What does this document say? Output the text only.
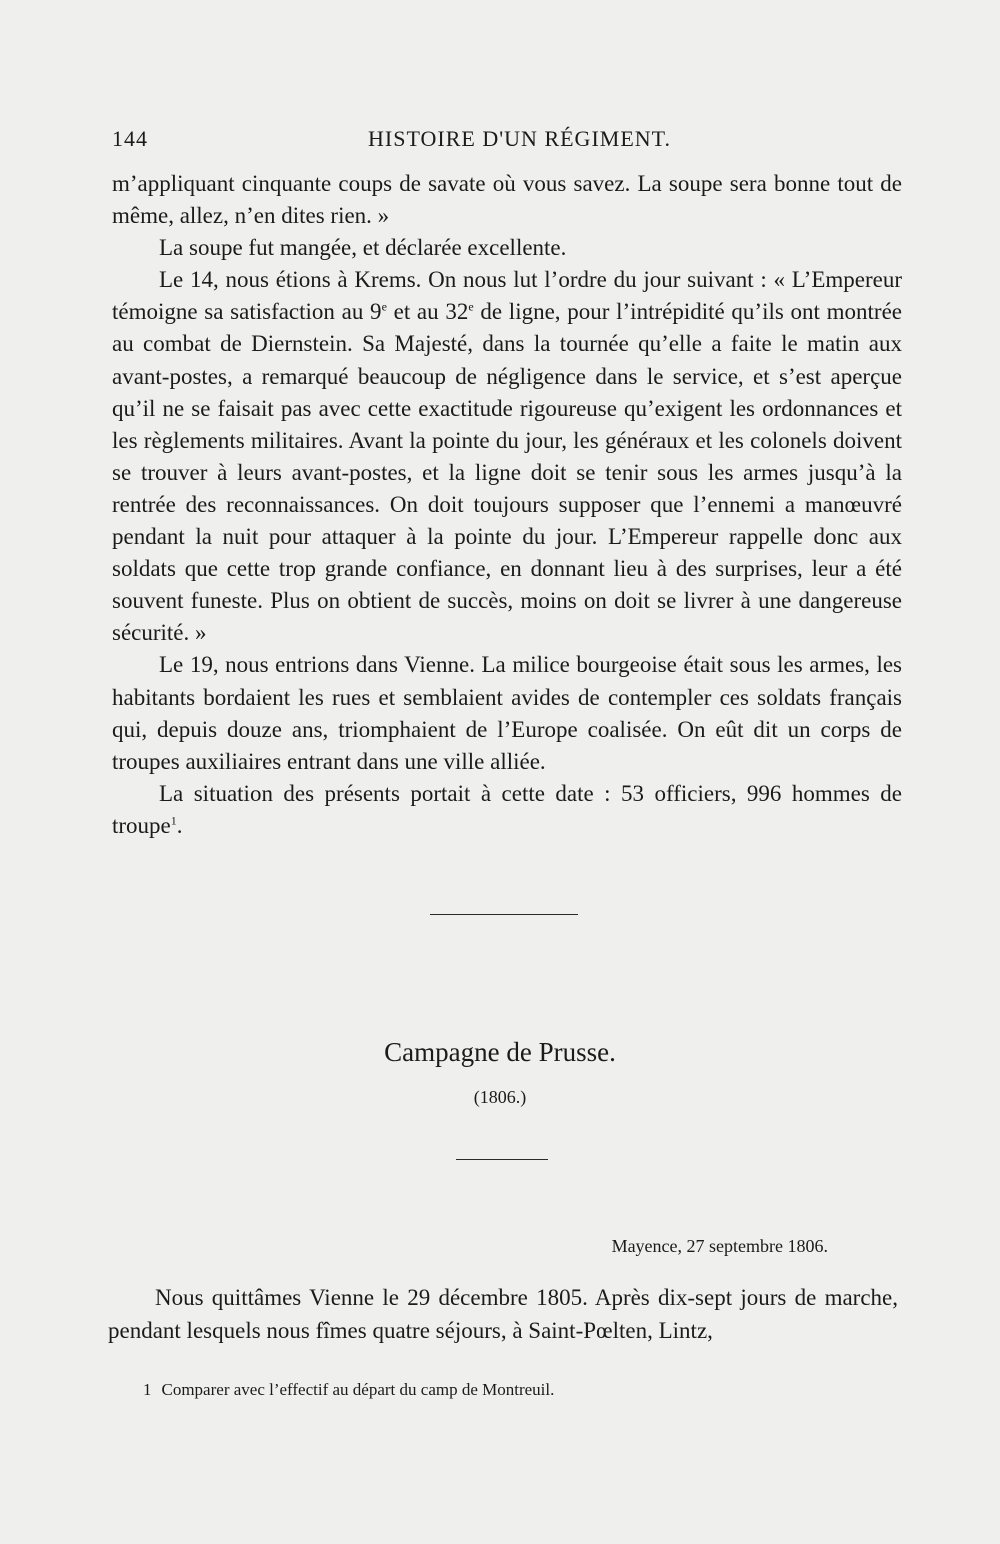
144	HISTOIRE D'UN RÉGIMENT.

m’appliquant cinquante coups de savate où vous savez. La soupe sera bonne tout de même, allez, n’en dites rien. »

La soupe fut mangée, et déclarée excellente.

Le 14, nous étions à Krems. On nous lut l’ordre du jour suivant : « L’Empereur témoigne sa satisfaction au 9e et au 32e de ligne, pour l’intrépidité qu’ils ont montrée au combat de Diernstein. Sa Majesté, dans la tournée qu’elle a faite le matin aux avant-postes, a remarqué beaucoup de négligence dans le service, et s’est aperçue qu’il ne se faisait pas avec cette exactitude rigoureuse qu’exigent les ordonnances et les règlements militaires. Avant la pointe du jour, les généraux et les colonels doivent se trouver à leurs avant-postes, et la ligne doit se tenir sous les armes jusqu’à la rentrée des reconnaissances. On doit toujours supposer que l’ennemi a manœuvré pendant la nuit pour attaquer à la pointe du jour. L’Empereur rappelle donc aux soldats que cette trop grande confiance, en donnant lieu à des surprises, leur a été souvent funeste. Plus on obtient de succès, moins on doit se livrer à une dangereuse sécurité. »

Le 19, nous entrions dans Vienne. La milice bourgeoise était sous les armes, les habitants bordaient les rues et semblaient avides de contempler ces soldats français qui, depuis douze ans, triomphaient de l’Europe coalisée. On eût dit un corps de troupes auxiliaires entrant dans une ville alliée.

La situation des présents portait à cette date : 53 officiers, 996 hommes de troupe$^1$.

Campagne de Prusse.
(1806.)
Mayence, 27 septembre 1806.

Nous quittâmes Vienne le 29 décembre 1805. Après dix-sept jours de marche, pendant lesquels nous fîmes quatre séjours, à Saint-Pœlten, Lintz,

1 Comparer avec l’effectif au départ du camp de Montreuil.
